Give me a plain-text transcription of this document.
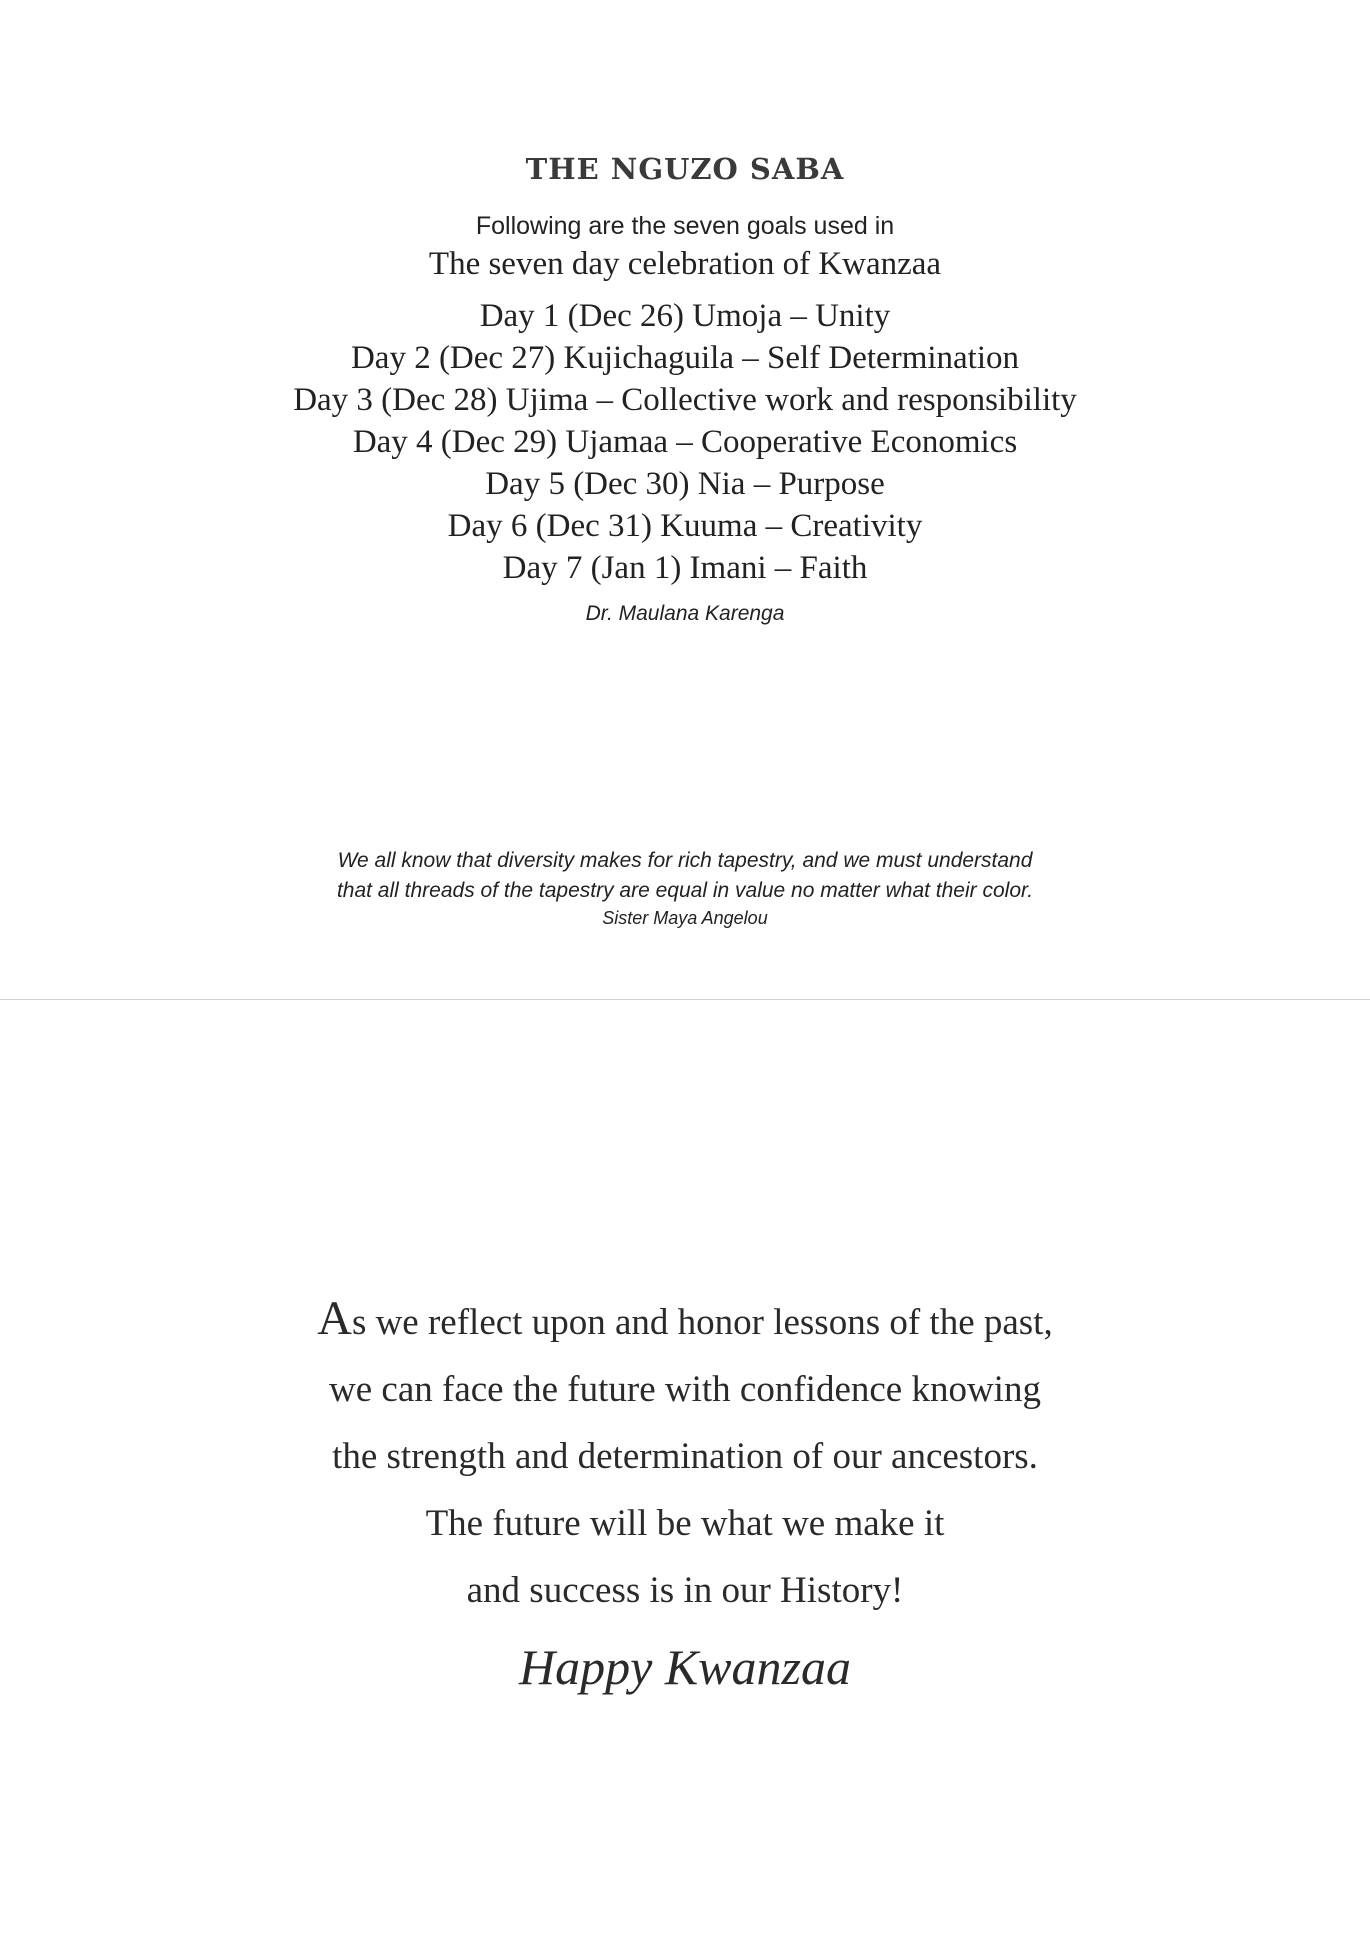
THE NGUZO SABA
Following are the seven goals used in
The seven day celebration of Kwanzaa
Day 1 (Dec 26) Umoja – Unity
Day 2 (Dec 27) Kujichaguila – Self Determination
Day 3 (Dec 28) Ujima – Collective work and responsibility
Day 4 (Dec 29) Ujamaa – Cooperative Economics
Day 5 (Dec 30) Nia – Purpose
Day 6 (Dec 31) Kuuma – Creativity
Day 7 (Jan 1) Imani – Faith
Dr. Maulana Karenga
We all know that diversity makes for rich tapestry, and we must understand
that all threads of the tapestry are equal in value no matter what their color.
Sister Maya Angelou
As we reflect upon and honor lessons of the past,
we can face the future with confidence knowing
the strength and determination of our ancestors.
The future will be what we make it
and success is in our History!
Happy Kwanzaa
